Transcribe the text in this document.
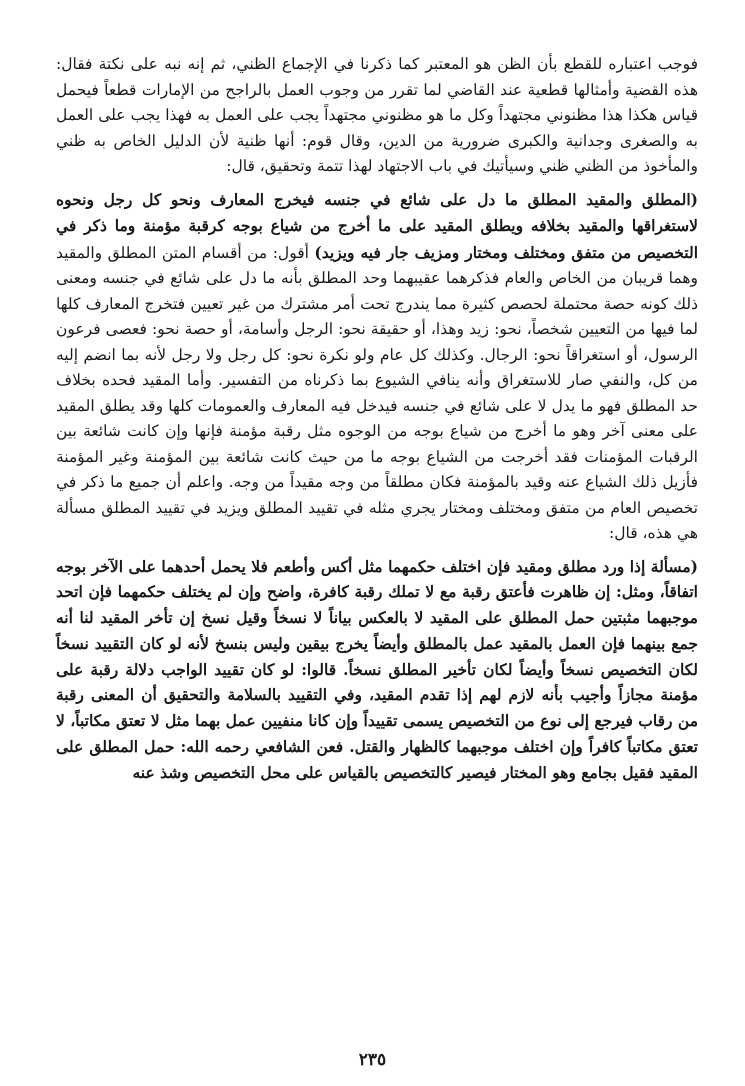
فوجب اعتباره للقطع بأن الظن هو المعتبر كما ذكرنا في الإجماع الظني، ثم إنه نبه على نكتة فقال: هذه القضية وأمثالها قطعية عند القاضي لما تقرر من وجوب العمل بالراجح من الإمارات قطعاً فيحمل قياس هكذا هذا مظنوني مجتهداً وكل ما هو مظنوني مجتهداً يجب على العمل به فهذا يجب على العمل به والصغرى وجدانية والكبرى ضرورية من الدين، وقال قوم: أنها ظنية لأن الدليل الخاص به ظني والمأخوذ من الظني ظني وسيأتيك في باب الاجتهاد لهذا تتمة وتحقيق، قال:

(المطلق والمقيد المطلق ما دل على شائع في جنسه فيخرج المعارف ونحو كل رجل ونحوه لاستغراقها والمقيد بخلافه ويطلق المقيد على ما أخرج من شياع بوجه كرقبة مؤمنة وما ذكر في التخصيص من متفق ومختلف ومختار ومزيف جار فيه ويزيد) أقول: من أقسام المتن المطلق والمقيد وهما قريبان من الخاص والعام فذكرهما عقيبهما وحد المطلق بأنه ما دل على شائع في جنسه ومعنى ذلك كونه حصة محتملة لحصص كثيرة مما يندرج تحت أمر مشترك من غير تعيين فتخرج المعارف كلها لما فيها من التعيين شخصاً، نحو: زيد وهذا، أو حقيقة نحو: الرجل وأسامة، أو حصة نحو: فعصى فرعون الرسول، أو استغراقاً نحو: الرجال. وكذلك كل عام ولو نكرة نحو: كل رجل ولا رجل لأنه بما انضم إليه من كل، والنفي صار للاستغراق وأنه ينافي الشيوع بما ذكرناه من التفسير. وأما المقيد فحده بخلاف حد المطلق فهو ما يدل لا على شائع في جنسه فيدخل فيه المعارف والعمومات كلها وقد يطلق المقيد على معنى آخر وهو ما أخرج من شياع بوجه من الوجوه مثل رقبة مؤمنة فإنها وإن كانت شائعة بين الرقبات المؤمنات فقد أخرجت من الشياع بوجه ما من حيث كانت شائعة بين المؤمنة وغير المؤمنة فأزيل ذلك الشياع عنه وقيد بالمؤمنة فكان مطلقاً من وجه مقيداً من وجه. واعلم أن جميع ما ذكر في تخصيص العام من متفق ومختلف ومختار يجري مثله في تقييد المطلق ويزيد في تقييد المطلق مسألة هي هذه، قال:

(مسألة إذا ورد مطلق ومقيد فإن اختلف حكمهما مثل أكس وأطعم فلا يحمل أحدهما على الآخر بوجه اتفاقاً، ومثل: إن ظاهرت فأعتق رقبة مع لا تملك رقبة كافرة، واضح وإن لم يختلف حكمهما فإن اتحد موجبهما مثبتين حمل المطلق على المقيد لا بالعكس بياناً لا نسخاً وقيل نسخ إن تأخر المقيد لنا أنه جمع بينهما فإن العمل بالمقيد عمل بالمطلق وأيضاً يخرج بيقين وليس بنسخ لأنه لو كان التقييد نسخاً لكان التخصيص نسخاً وأيضاً لكان تأخير المطلق نسخاً. قالوا: لو كان تقييد الواجب دلالة رقبة على مؤمنة مجازاً وأجيب بأنه لازم لهم إذا تقدم المقيد، وفي التقييد بالسلامة والتحقيق أن المعنى رقبة من رقاب فيرجع إلى نوع من التخصيص يسمى تقييداً وإن كانا منفيين عمل بهما مثل لا تعتق مكاتباً، لا تعتق مكاتباً كافراً وإن اختلف موجبهما كالظهار والقتل. فعن الشافعي رحمه الله: حمل المطلق على المقيد فقيل بجامع وهو المختار فيصير كالتخصيص بالقياس على محل التخصيص وشذ عنه

٢٣٥
